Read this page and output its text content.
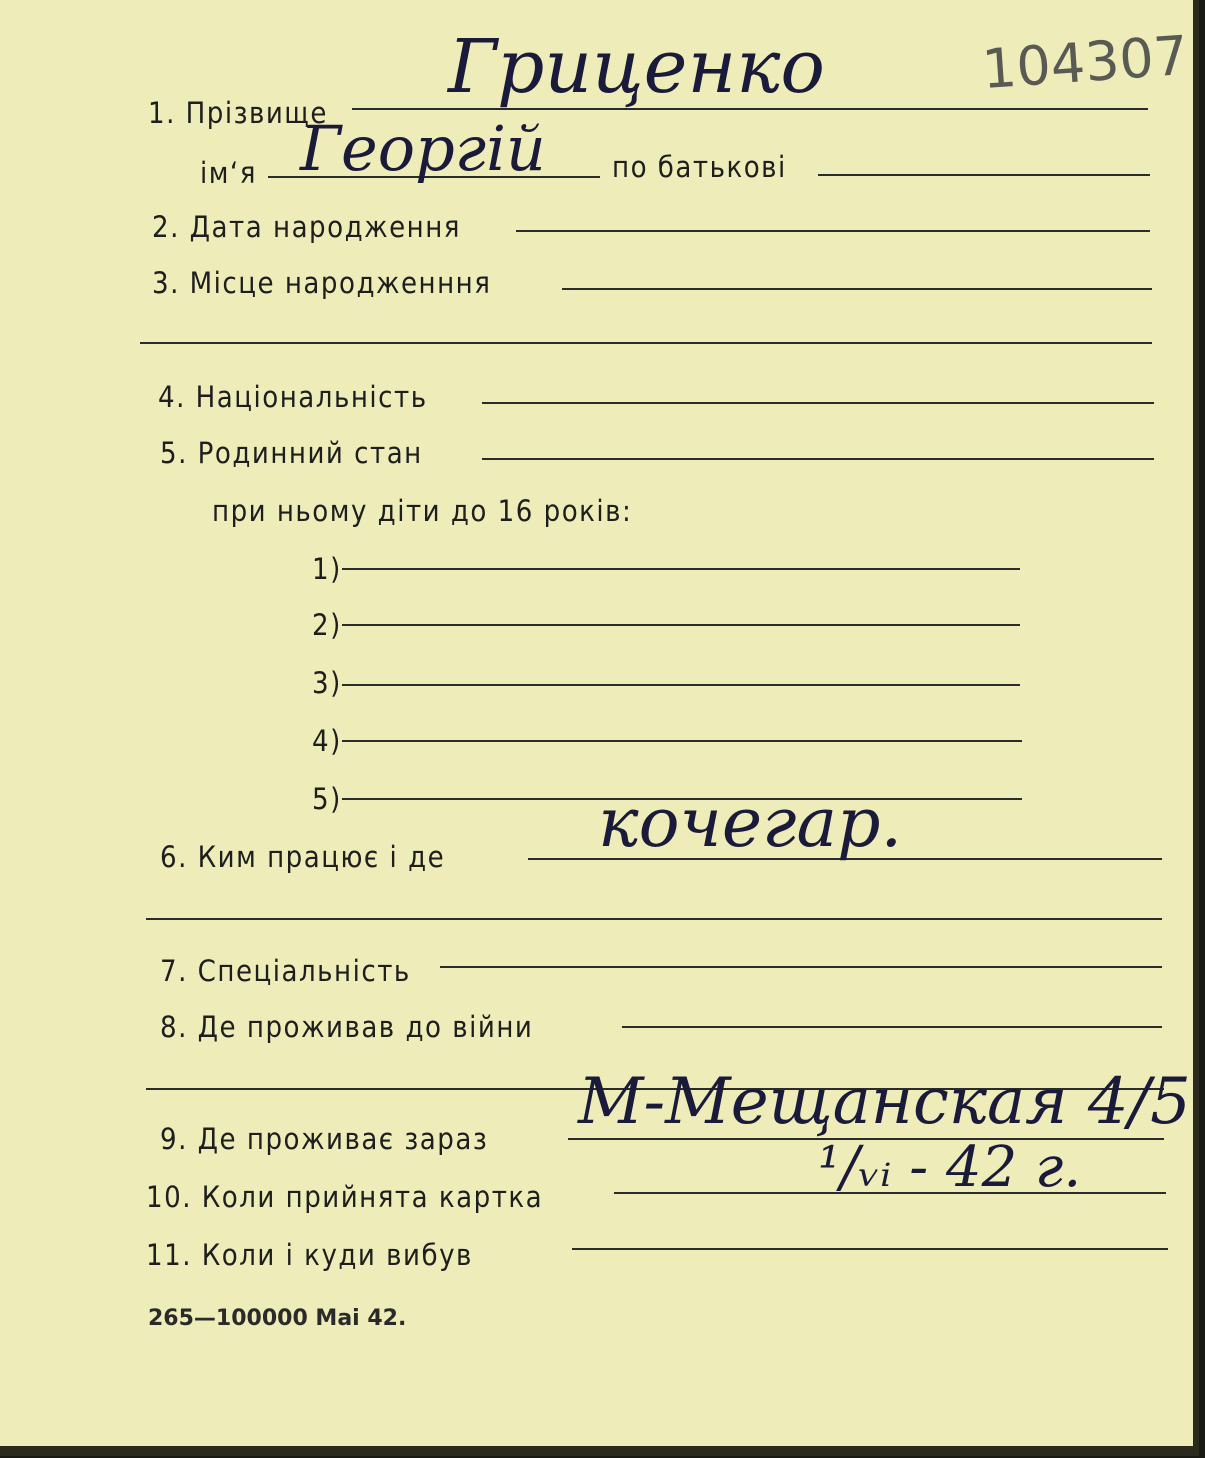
1. Прізвище
Гриценко	104307
ім‘я Георгій по батькові
2. Дата народження
3. Місце народженння
4. Національність
5. Родинний стан
при ньому діти до 16 років:
1)
2)
3)
4)
5)
6. Ким працює і де кочегар.
7. Спеціальність
8. Де проживав до війни
9. Де проживає зараз М-Мещанская 4/5
10. Коли прийнята картка	¹/ᵥᵢ - 42 г.
11. Коли і куди вибув
265—100000 Mai 42.
